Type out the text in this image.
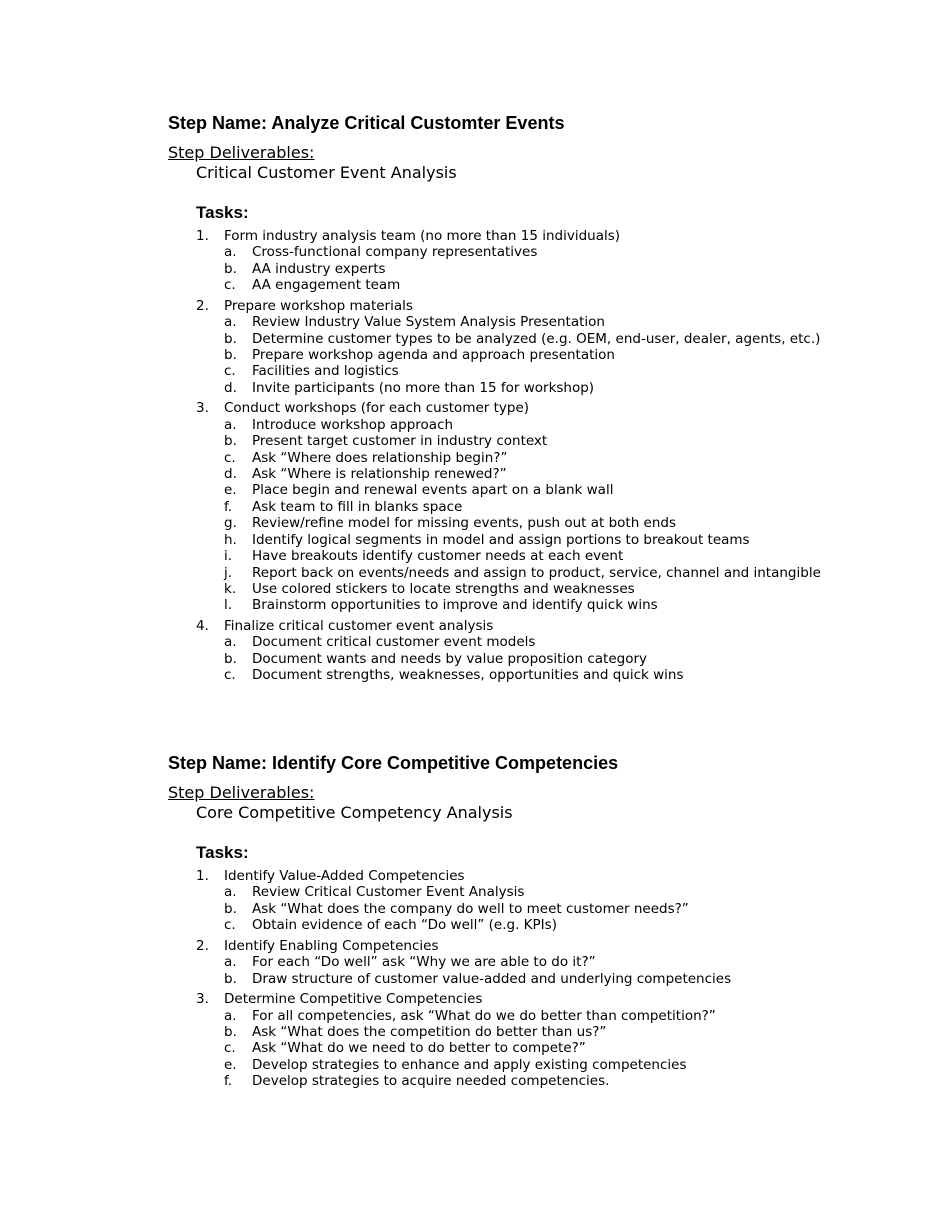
Step Name: Analyze Critical Customter Events
Step Deliverables:
Critical Customer Event Analysis
Tasks:
1. Form industry analysis team (no more than 15 individuals)
a. Cross-functional company representatives
b. AA industry experts
c. AA engagement team
2. Prepare workshop materials
a. Review Industry Value System Analysis Presentation
b. Determine customer types to be analyzed (e.g. OEM, end-user, dealer, agents, etc.)
b. Prepare workshop agenda and approach presentation
c. Facilities and logistics
d. Invite participants (no more than 15 for workshop)
3. Conduct workshops (for each customer type)
a. Introduce workshop approach
b. Present target customer in industry context
c. Ask “Where does relationship begin?”
d. Ask “Where is relationship renewed?”
e. Place begin and renewal events apart on a blank wall
f. Ask team to fill in blanks space
g. Review/refine model for missing events, push out at both ends
h. Identify logical segments in model and assign portions to breakout teams
i. Have breakouts identify customer needs at each event
j. Report back on events/needs and assign to product, service, channel and intangible
k. Use colored stickers to locate strengths and weaknesses
l. Brainstorm opportunities to improve and identify quick wins
4. Finalize critical customer event analysis
a. Document critical customer event models
b. Document wants and needs by value proposition category
c. Document strengths, weaknesses, opportunities and quick wins
Step Name: Identify Core Competitive Competencies
Step Deliverables:
Core Competitive Competency Analysis
Tasks:
1. Identify Value-Added Competencies
a. Review Critical Customer Event Analysis
b. Ask “What does the company do well to meet customer needs?”
c. Obtain evidence of each “Do well” (e.g. KPIs)
2. Identify Enabling Competencies
a. For each “Do well” ask “Why we are able to do it?”
b. Draw structure of customer value-added and underlying competencies
3. Determine Competitive Competencies
a. For all competencies, ask “What do we do better than competition?”
b. Ask “What does the competition do better than us?”
c. Ask “What do we need to do better to compete?”
e. Develop strategies to enhance and apply existing competencies
f. Develop strategies to acquire needed competencies.
